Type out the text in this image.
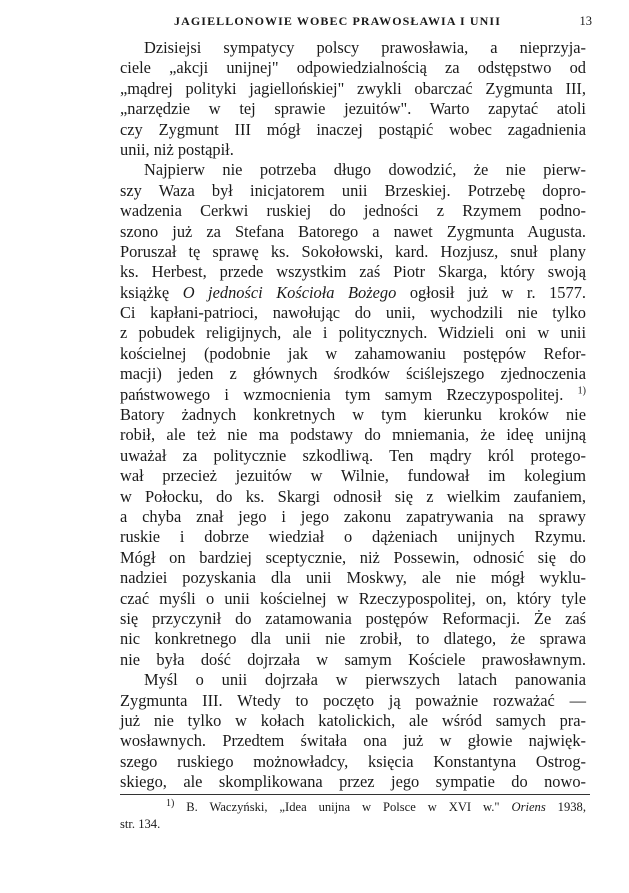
JAGIELLONOWIE WOBEC PRAWOSŁAWIA I UNII	13
Dzisiejsi sympatycy polscy prawosławia, a nieprzyja-
ciele „akcji unijnej" odpowiedzialnością za odstępstwo od
„mądrej polityki jagiellońskiej" zwykli obarczać Zygmunta III,
„narzędzie w tej sprawie jezuitów". Warto zapytać atoli
czy Zygmunt III mógł inaczej postąpić wobec zagadnienia
unii, niż postąpił.
Najpierw nie potrzeba długo dowodzić, że nie pierw-
szy Waza był inicjatorem unii Brzeskiej. Potrzebę dopro-
wadzenia Cerkwi ruskiej do jedności z Rzymem podno-
szono już za Stefana Batorego a nawet Zygmunta Augusta.
Poruszał tę sprawę ks. Sokołowski, kard. Hozjusz, snuł plany
ks. Herbest, przede wszystkim zaś Piotr Skarga, który swoją
książkę O jedności Kościoła Bożego ogłosił już w r. 1577.
Ci kapłani-patrioci, nawołując do unii, wychodzili nie tylko
z pobudek religijnych, ale i politycznych. Widzieli oni w unii
kościelnej (podobnie jak w zahamowaniu postępów Refor-
macji) jeden z głównych środków ściślejszego zjednoczenia
państwowego i wzmocnienia tym samym Rzeczypospolitej. $^{1)}$
Batory żadnych konkretnych w tym kierunku kroków nie
robił, ale też nie ma podstawy do mniemania, że ideę unijną
uważał za politycznie szkodliwą. Ten mądry król protego-
wał przecież jezuitów w Wilnie, fundował im kolegium
w Połocku, do ks. Skargi odnosił się z wielkim zaufaniem,
a chyba znał jego i jego zakonu zapatrywania na sprawy
ruskie i dobrze wiedział o dążeniach unijnych Rzymu.
Mógł on bardziej sceptycznie, niż Possewin, odnosić się do
nadziei pozyskania dla unii Moskwy, ale nie mógł wyklu-
czać myśli o unii kościelnej w Rzeczypospolitej, on, który tyle
się przyczynił do zatamowania postępów Reformacji. Że zaś
nic konkretnego dla unii nie zrobił, to dlatego, że sprawa
nie była dość dojrzała w samym Kościele prawosławnym.
Myśl o unii dojrzała w pierwszych latach panowania
Zygmunta III. Wtedy to poczęto ją poważnie rozważać —
już nie tylko w kołach katolickich, ale wśród samych pra-
wosławnych. Przedtem świtała ona już w głowie najwięk-
szego ruskiego możnowładcy, księcia Konstantyna Ostrog-
skiego, ale skomplikowana przez jego sympatie do nowo-
$^{1)}$ B. Waczyński, „Idea unijna w Polsce w XVI w." Oriens 1938,
str. 134.
